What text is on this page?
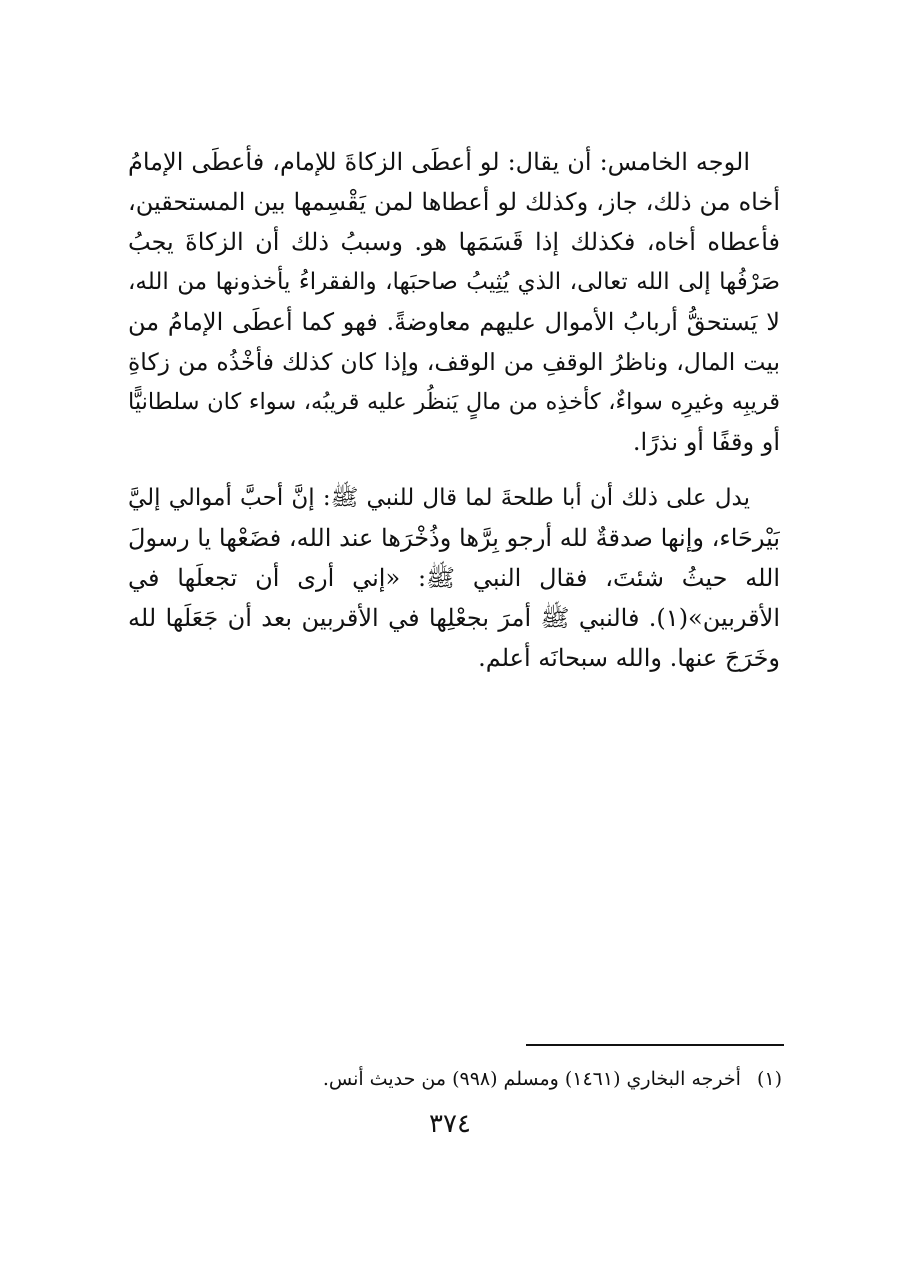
الوجه الخامس: أن يقال: لو أعطَى الزكاةَ للإمام، فأعطَى الإمامُ
أخاه من ذلك، جاز، وكذلك لو أعطاها لمن يَقْسِمها بين المستحقين،
فأعطاه أخاه، فكذلك إذا قَسَمَها هو. وسببُ ذلك أن الزكاةَ يجبُ
صَرْفُها إلى الله تعالى، الذي يُثِيبُ صاحبَها، والفقراءُ يأخذونها من الله،
لا يَستحقُّ أربابُ الأموال عليهم معاوضةً. فهو كما أعطَى الإمامُ من
بيت المال، وناظرُ الوقفِ من الوقف، وإذا كان كذلك فأخْذُه من زكاةِ
قريبِه وغيرِه سواءٌ، كأخذِه من مالٍ يَنظُر عليه قريبُه، سواء كان سلطانيًّا
أو وقفًا أو نذرًا.

يدل على ذلك أن أبا طلحةَ لما قال للنبي ﷺ: إنَّ أحبَّ أموالي إليَّ
بَيْرحَاء، وإنها صدقةٌ لله أرجو بِرَّها وذُخْرَها عند الله، فضَعْها يا رسولَ
الله حيثُ شئتَ، فقال النبي ﷺ: «إني أرى أن تجعلَها في
الأقربين»(١). فالنبي ﷺ أمرَ بجعْلِها في الأقربين بعد أن جَعَلَها لله
وخَرَجَ عنها. والله سبحانَه أعلم.

(١)أخرجه البخاري (١٤٦١) ومسلم (٩٩٨) من حديث أنس.
٣٧٤
